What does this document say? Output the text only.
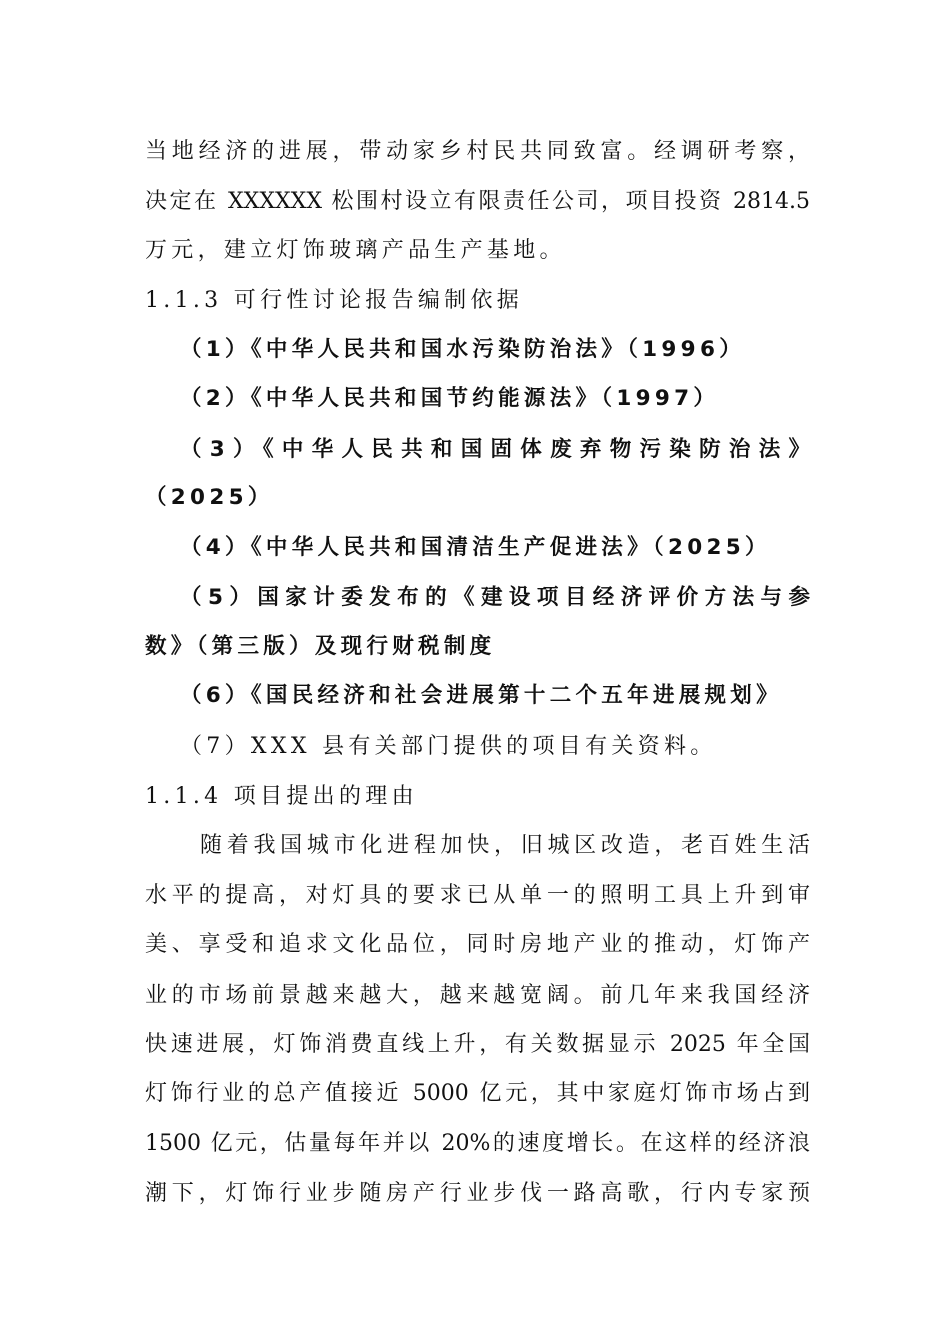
当地经济的进展，带动家乡村民共同致富。经调研考察，
决定在 XXXXXX 松围村设立有限责任公司，项目投资 2814.5
万元，建立灯饰玻璃产品生产基地。
1.1.3 可行性讨论报告编制依据
（1）《中华人民共和国水污染防治法》（1996）
（2）《中华人民共和国节约能源法》（1997）
（3）《中华人民共和国固体废弃物污染防治法》
（2025）
（4）《中华人民共和国清洁生产促进法》（2025）
（5）国家计委发布的《建设项目经济评价方法与参
数》（第三版）及现行财税制度
（6）《国民经济和社会进展第十二个五年进展规划》
（7）XXX 县有关部门提供的项目有关资料。
1.1.4 项目提出的理由
随着我国城市化进程加快，旧城区改造，老百姓生活
水平的提高，对灯具的要求已从单一的照明工具上升到审
美、享受和追求文化品位，同时房地产业的推动，灯饰产
业的市场前景越来越大，越来越宽阔。前几年来我国经济
快速进展，灯饰消费直线上升，有关数据显示 2025 年全国
灯饰行业的总产值接近 5000 亿元，其中家庭灯饰市场占到
1500 亿元，估量每年并以 20%的速度增长。在这样的经济浪
潮下，灯饰行业步随房产行业步伐一路高歌，行内专家预
